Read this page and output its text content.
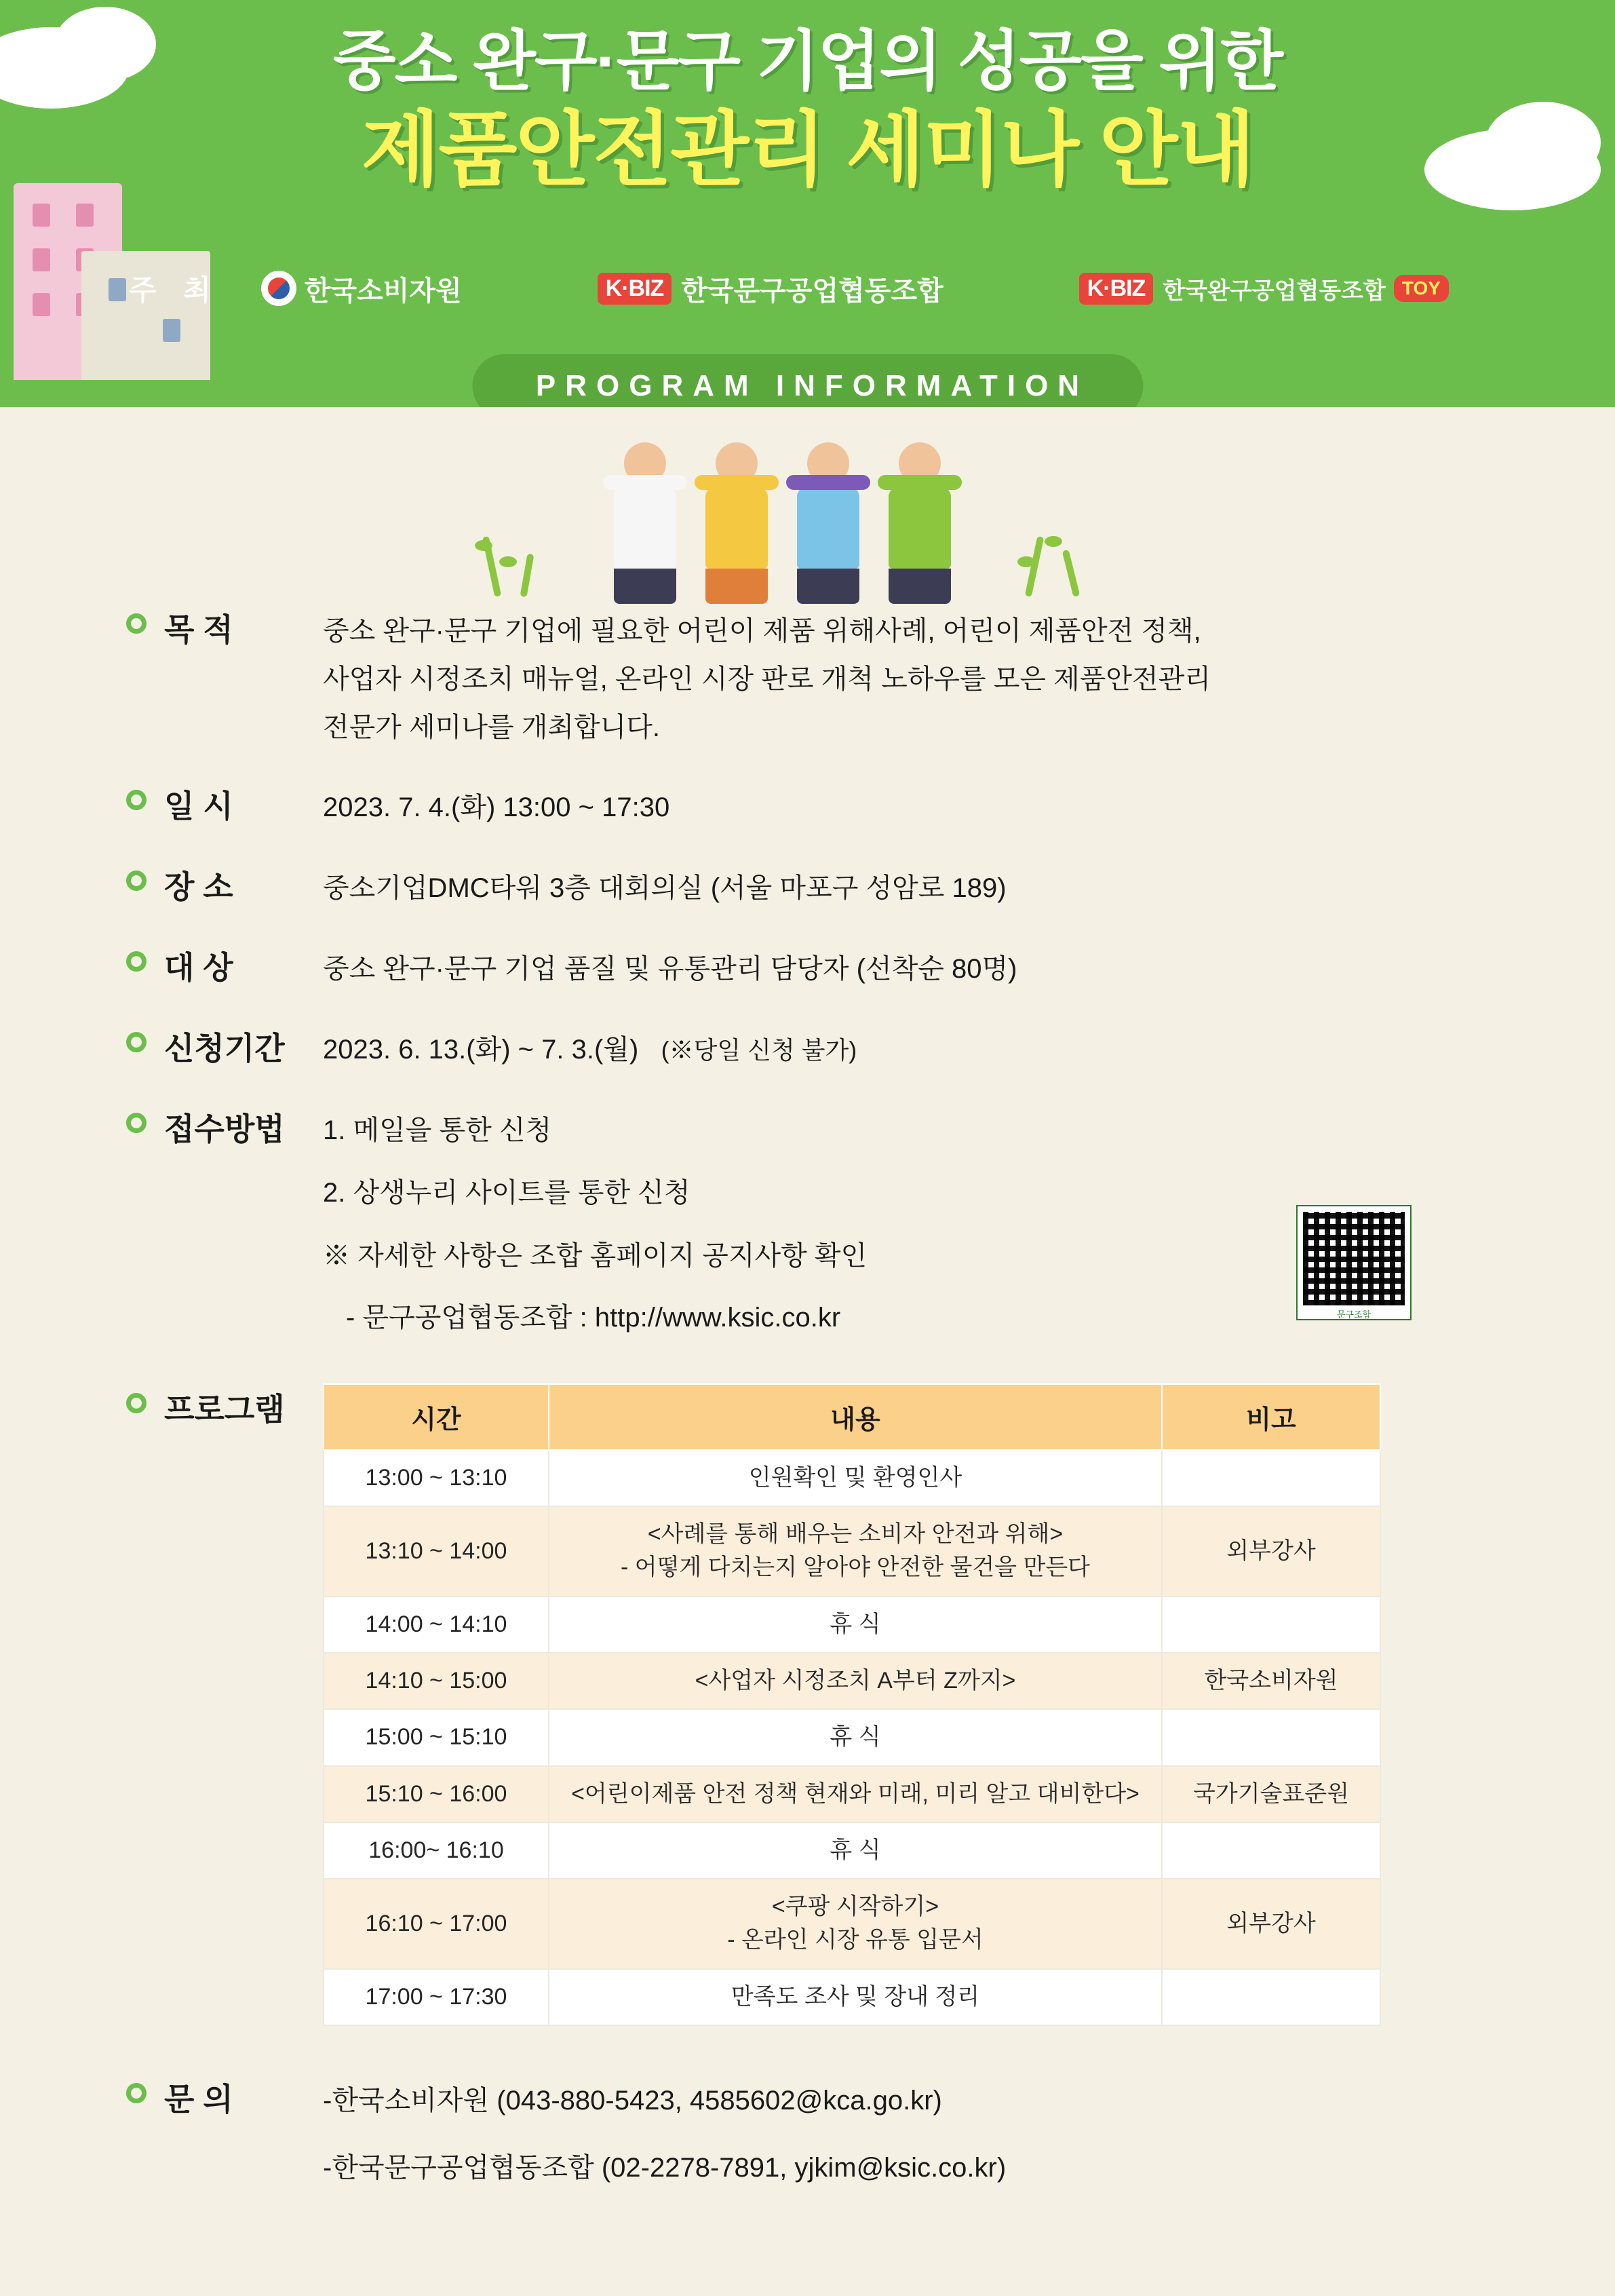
중소 완구·문구 기업의 성공을 위한
제품안전관리 세미나 안내
주 최	한국소비자원	K·BIZ 한국문구공업협동조합	K·BIZ 한국완구공업협동조합 TOY
PROGRAM INFORMATION
목 적	중소 완구·문구 기업에 필요한 어린이 제품 위해사례, 어린이 제품안전 정책,
사업자 시정조치 매뉴얼, 온라인 시장 판로 개척 노하우를 모은 제품안전관리
전문가 세미나를 개최합니다.
일 시	2023. 7. 4.(화) 13:00 ~ 17:30
장 소	중소기업DMC타워 3층 대회의실 (서울 마포구 성암로 189)
대 상	중소 완구·문구 기업 품질 및 유통관리 담당자 (선착순 80명)
신청기간 2023. 6. 13.(화) ~ 7. 3.(월) (※당일 신청 불가)
접수방법 1. 메일을 통한 신청
2. 상생누리 사이트를 통한 신청
※ 자세한 사항은 조합 홈페이지 공지사항 확인
- 문구공업협동조합 : http://www.ksic.co.kr	문구조합
프로그램	시간	내용	비고
13:00 ~ 13:10	인원확인 및 환영인사	

13:10 ~ 14:00	<사례를 통해 배우는 소비자 안전과 위해>
- 어떻게 다치는지 알아야 안전한 물건을 만든다	외부강사
14:00 ~ 14:10	휴 식	

14:10 ~ 15:00	<사업자 시정조치 A부터 Z까지>	한국소비자원
15:00 ~ 15:10	휴 식	

15:10 ~ 16:00	<어린이제품 안전 정책 현재와 미래, 미리 알고 대비한다>	국가기술표준원
16:00~ 16:10	휴 식	

16:10 ~ 17:00	<쿠팡 시작하기>
- 온라인 시장 유통 입문서	외부강사
17:00 ~ 17:30	만족도 조사 및 장내 정리	

문 의	-한국소비자원 (043-880-5423, 4585602@kca.go.kr)
-한국문구공업협동조합 (02-2278-7891, yjkim@ksic.co.kr)
